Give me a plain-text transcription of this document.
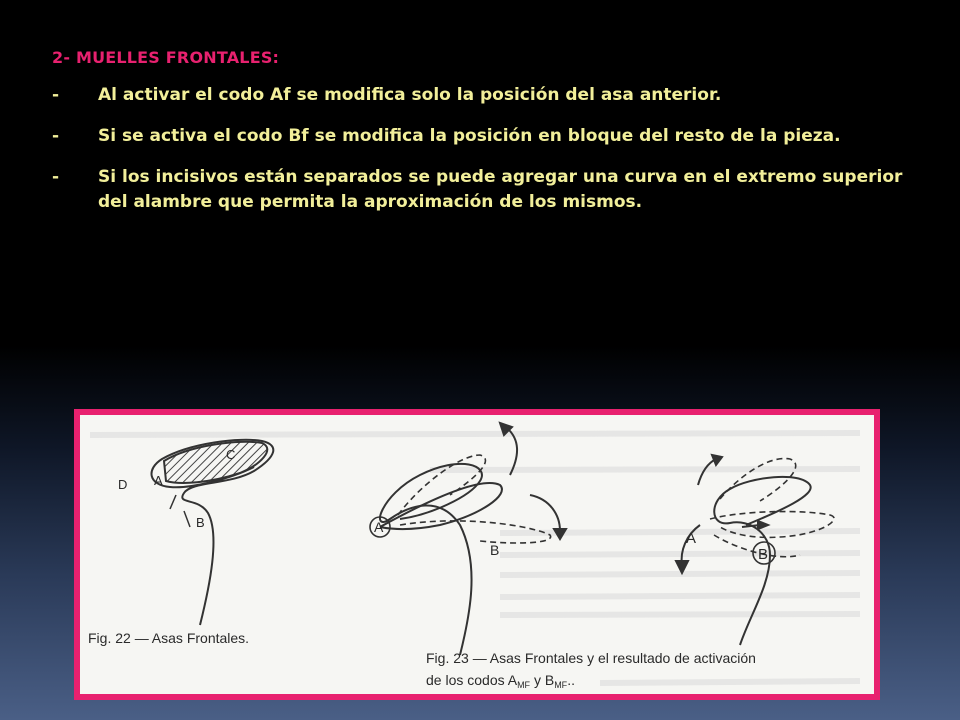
2- MUELLES FRONTALES:
-	Al activar el codo Af se modifica solo la posición del asa anterior.
-	Si se activa el codo Bf se modifica la posición en bloque del resto de la pieza.
-	Si los incisivos están separados se puede agregar una curva en el extremo superior del alambre que permita la aproximación de los mismos.
D A
B
C
Fig. 22 — Asas Frontales.
A
B
Fig. 23 — Asas Frontales y el resultado de activación
de los codos $A_{MF}$ y $B_{MF}$..
A
B
